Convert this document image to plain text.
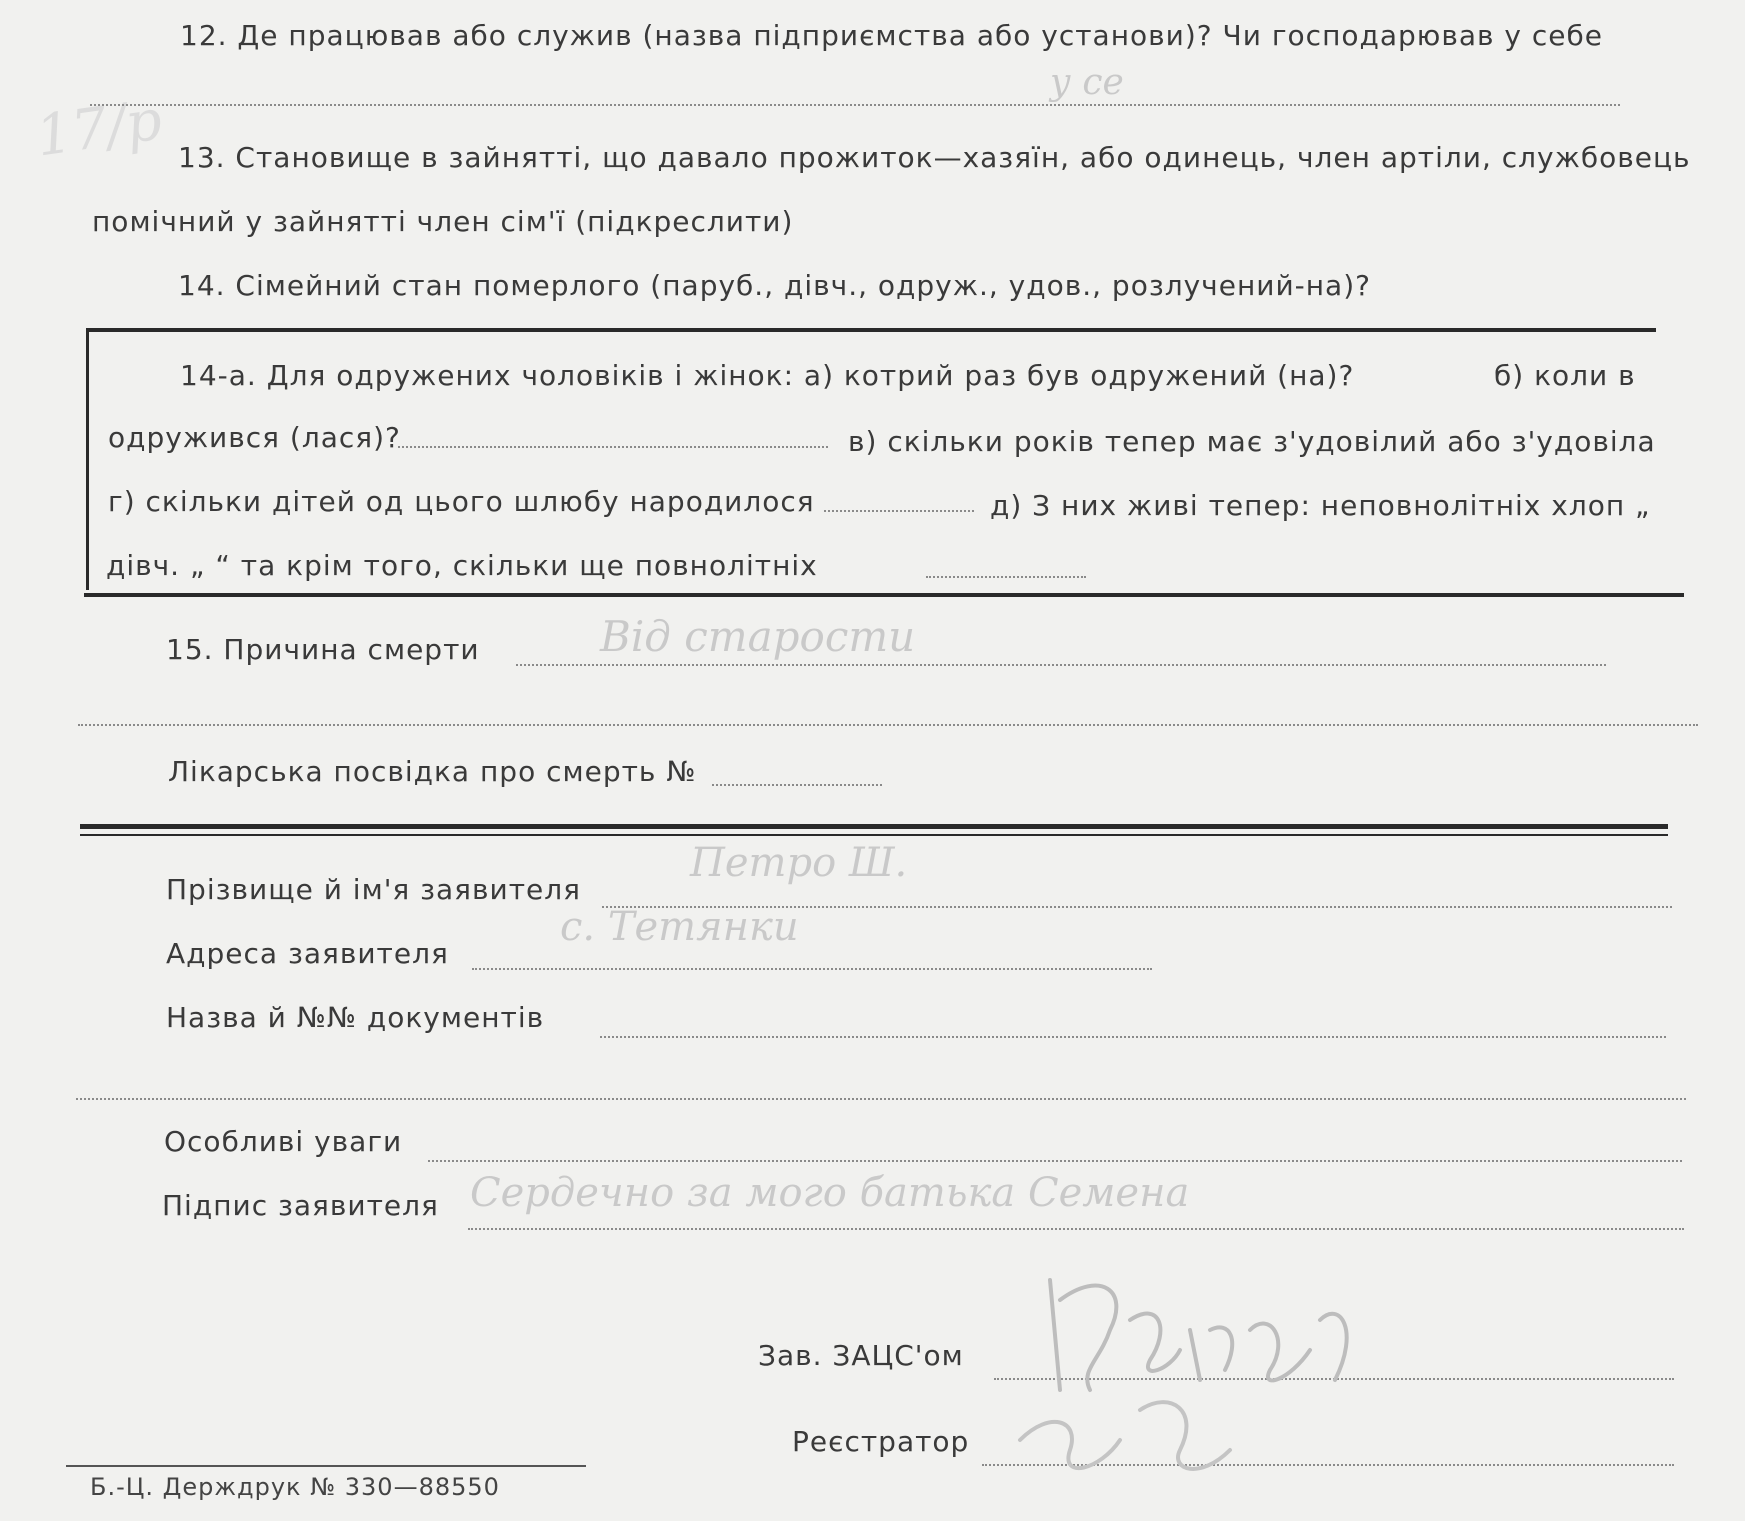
17/р
12. Де працював або служив (назва підприємства або установи)? Чи господарював у себе
у се
13. Становище в зайнятті, що давало прожиток—хазяїн, або одинець, член артіли, службовець
помічний у зайнятті член сім'ї (підкреслити)
14. Сімейний стан померлого (паруб., дівч., одруж., удов., розлучений-на)?
14-а. Для одружених чоловіків і жінок: а) котрий раз був одружений (на)?	б) коли в
одружився (лася)?	в) скільки років тепер має з'удовілий або з'удовіла
г) скільки дітей од цього шлюбу народилося	д) З них живі тепер: неповнолітніх хлоп „
дівч. „ “ та крім того, скільки ще повнолітніх
15. Причина смерти	Від старости
Лікарська посвідка про смерть №
Прізвище й ім'я заявителя
Петро Ш.
Адреса заявителя
с. Тетянки
Назва й №№ документів
Особливі уваги
Підпис заявителя Сердечно за мого батька Семена
Зав. ЗАЦС'ом
Реєстратор
Б.-Ц. Держдрук № 330—88550
